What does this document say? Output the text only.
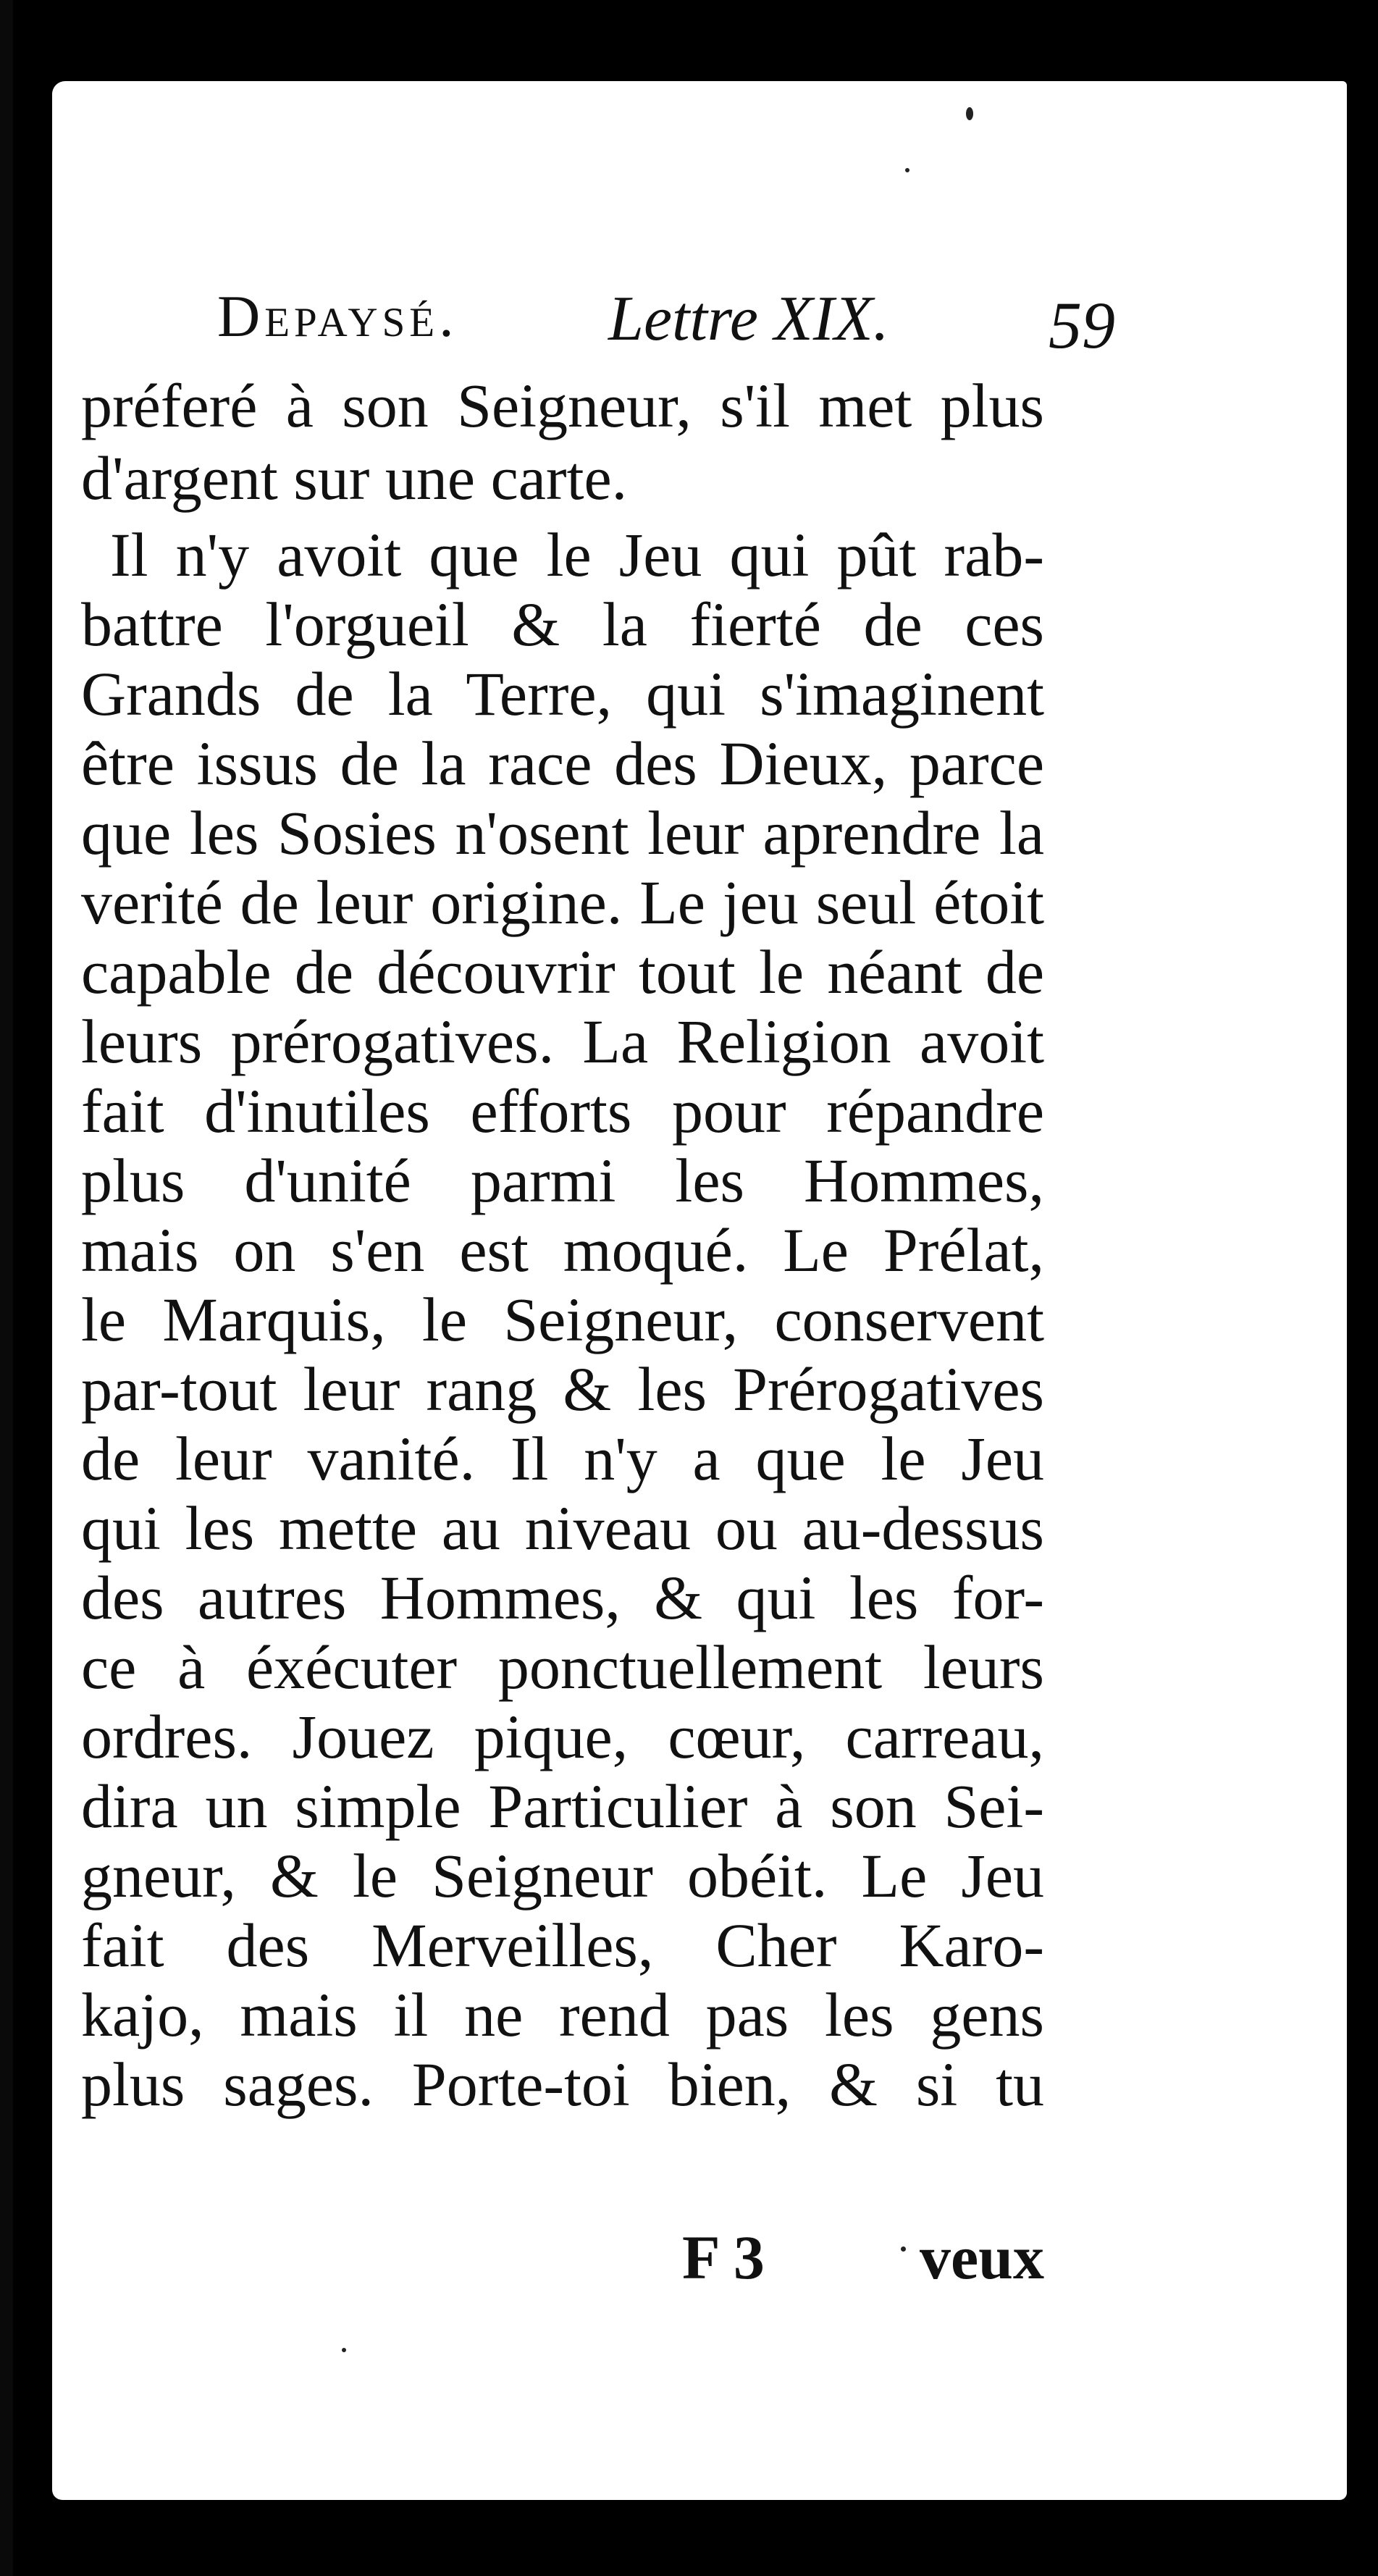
Depaysé. Lettre XIX. 59
préferé à son Seigneur, s'il met plus
d'argent sur une carte.
Il n'y avoit que le Jeu qui pût rab-
battre l'orgueil & la fierté de ces
Grands de la Terre, qui s'imaginent
être issus de la race des Dieux, parce
que les Sosies n'osent leur aprendre la
verité de leur origine. Le jeu seul étoit
capable de découvrir tout le néant de
leurs prérogatives. La Religion avoit
fait d'inutiles efforts pour répandre
plus d'unité parmi les Hommes,
mais on s'en est moqué. Le Prélat,
le Marquis, le Seigneur, conservent
par-tout leur rang & les Prérogatives
de leur vanité. Il n'y a que le Jeu
qui les mette au niveau ou au-dessus
des autres Hommes, & qui les for-
ce à éxécuter ponctuellement leurs
ordres. Jouez pique, cœur, carreau,
dira un simple Particulier à son Sei-
gneur, & le Seigneur obéit. Le Jeu
fait des Merveilles, Cher Karo-
kajo, mais il ne rend pas les gens
plus sages. Porte-toi bien, & si tu
F 3 veux
